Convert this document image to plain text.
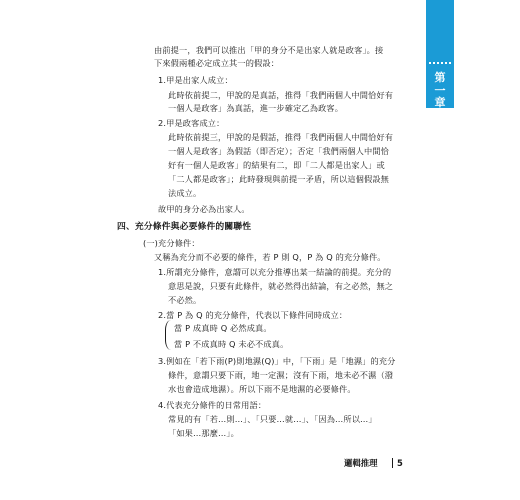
由前提一，我們可以推出「甲的身分不是出家人就是政客」。接
下來假兩種必定成立其一的假設：
1.甲是出家人成立：
此時依前提二，甲說的是真話，推得「我們兩個人中間恰好有
一個人是政客」為真話，進一步確定乙為政客。
2.甲是政客成立：
此時依前提三，甲說的是假話，推得「我們兩個人中間恰好有
一個人是政客」為假話（即否定）；否定「我們兩個人中間恰
好有一個人是政客」的結果有二，即「二人都是出家人」或
「二人都是政客」；此時發現與前提一矛盾，所以這個假設無
法成立。
故甲的身分必為出家人。
四、充分條件與必要條件的關聯性
(一)充分條件：
又稱為充分而不必要的條件，若 P 則 Q，P 為 Q 的充分條件。
1.所謂充分條件，意謂可以充分推導出某一結論的前提。充分的
意思是說，只要有此條件，就必然得出結論，有之必然，無之
不必然。
2.當 P 為 Q 的充分條件，代表以下條件同時成立：
當 P 成真時 Q 必然成真。
當 P 不成真時 Q 未必不成真。
3.例如在「若下雨(P)則地濕(Q)」中，「下雨」是「地濕」的充分
條件，意謂只要下雨，地一定濕；沒有下雨，地未必不濕（潑
水也會造成地濕）。所以下雨不是地濕的必要條件。
4.代表充分條件的日常用語：
常見的有「若…則…」、「只要…就…」、「因為…所以…」
「如果…那麼…」。
邏輯推理 5
第
一
章
